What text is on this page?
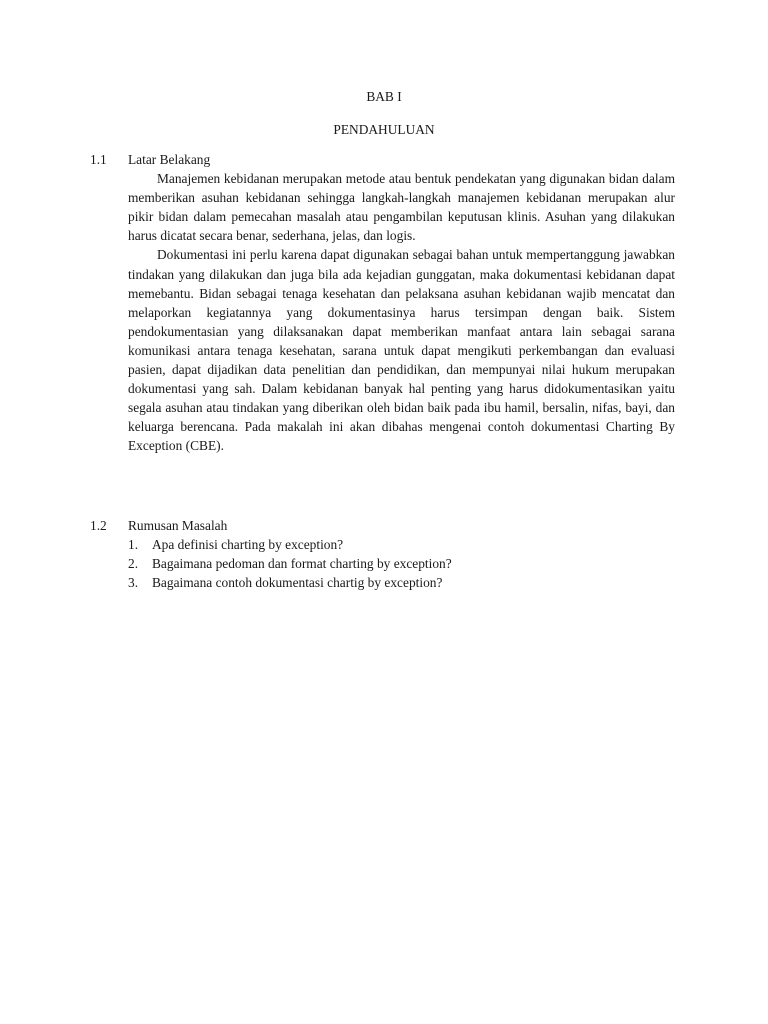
BAB I
PENDAHULUAN
1.1	Latar Belakang

Manajemen kebidanan merupakan metode atau bentuk pendekatan yang digunakan bidan dalam memberikan asuhan kebidanan sehingga langkah-langkah manajemen kebidanan merupakan alur pikir bidan dalam pemecahan masalah atau pengambilan keputusan klinis. Asuhan yang dilakukan harus dicatat secara benar, sederhana, jelas, dan logis.

Dokumentasi ini perlu karena dapat digunakan sebagai bahan untuk mempertanggung jawabkan tindakan yang dilakukan dan juga bila ada kejadian gunggatan, maka dokumentasi kebidanan dapat memebantu. Bidan sebagai tenaga kesehatan dan pelaksana asuhan kebidanan wajib mencatat dan melaporkan kegiatannya yang dokumentasinya harus tersimpan dengan baik. Sistem pendokumentasian yang dilaksanakan dapat memberikan manfaat antara lain sebagai sarana komunikasi antara tenaga kesehatan, sarana untuk dapat mengikuti perkembangan dan evaluasi pasien, dapat dijadikan data penelitian dan pendidikan, dan mempunyai nilai hukum merupakan dokumentasi yang sah. Dalam kebidanan banyak hal penting yang harus didokumentasikan yaitu segala asuhan atau tindakan yang diberikan oleh bidan baik pada ibu hamil, bersalin, nifas, bayi, dan keluarga berencana. Pada makalah ini akan dibahas mengenai contoh dokumentasi Charting By Exception (CBE).

1.2	Rumusan Masalah
1. Apa definisi charting by exception?
2. Bagaimana pedoman dan format charting by exception?
3. Bagaimana contoh dokumentasi chartig by exception?
